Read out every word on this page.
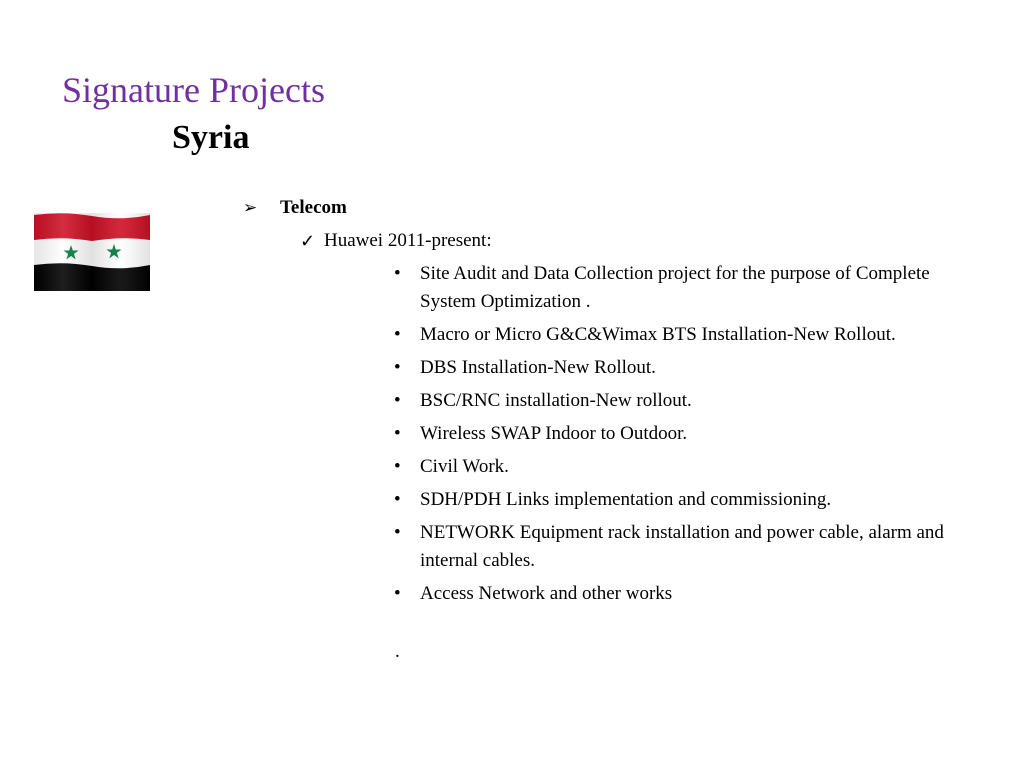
Signature Projects
Syria
➢ Telecom
✓ Huawei 2011-present:
• Site Audit and Data Collection project for the purpose of Complete System Optimization .
• Macro or Micro G&C&Wimax BTS Installation-New Rollout.
• DBS Installation-New Rollout.
• BSC/RNC installation-New rollout.
• Wireless SWAP Indoor to Outdoor.
• Civil Work.
• SDH/PDH Links implementation and commissioning.
• NETWORK Equipment rack installation and power cable, alarm and internal cables.
• Access Network and other works
.
